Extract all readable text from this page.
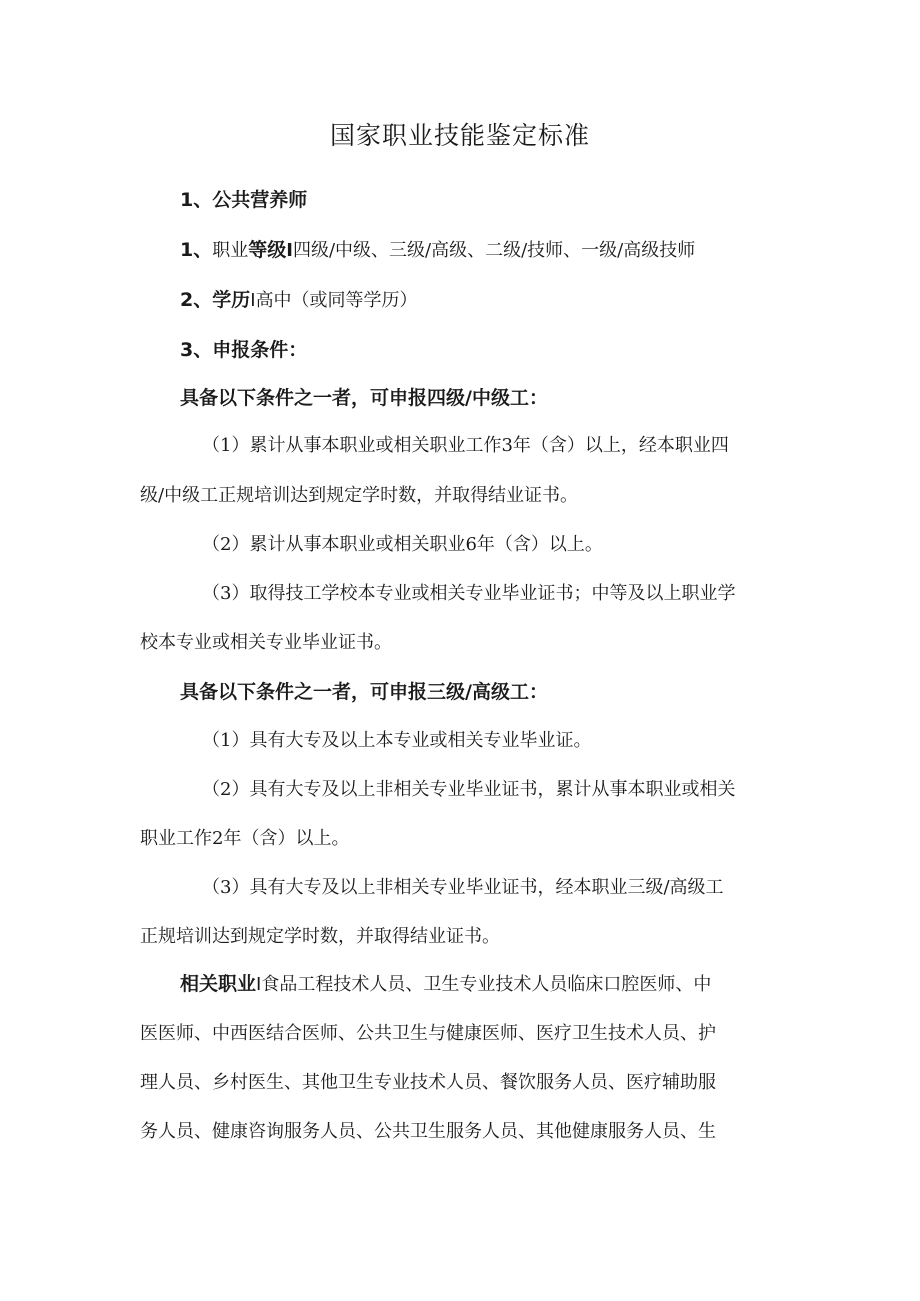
国家职业技能鉴定标准
1、公共营养师
1、职业等级I四级/中级、三级/高级、二级/技师、一级/高级技师
2、学历I高中（或同等学历）
3、申报条件：
具备以下条件之一者，可申报四级/中级工：
（1）累计从事本职业或相关职业工作3年（含）以上，经本职业四
级/中级工正规培训达到规定学时数，并取得结业证书。
（2）累计从事本职业或相关职业6年（含）以上。
（3）取得技工学校本专业或相关专业毕业证书；中等及以上职业学
校本专业或相关专业毕业证书。
具备以下条件之一者，可申报三级/高级工：
（1）具有大专及以上本专业或相关专业毕业证。
（2）具有大专及以上非相关专业毕业证书，累计从事本职业或相关
职业工作2年（含）以上。
（3）具有大专及以上非相关专业毕业证书，经本职业三级/高级工
正规培训达到规定学时数，并取得结业证书。
相关职业I食品工程技术人员、卫生专业技术人员临床口腔医师、中
医医师、中西医结合医师、公共卫生与健康医师、医疗卫生技术人员、护
理人员、乡村医生、其他卫生专业技术人员、餐饮服务人员、医疗辅助服
务人员、健康咨询服务人员、公共卫生服务人员、其他健康服务人员、生
